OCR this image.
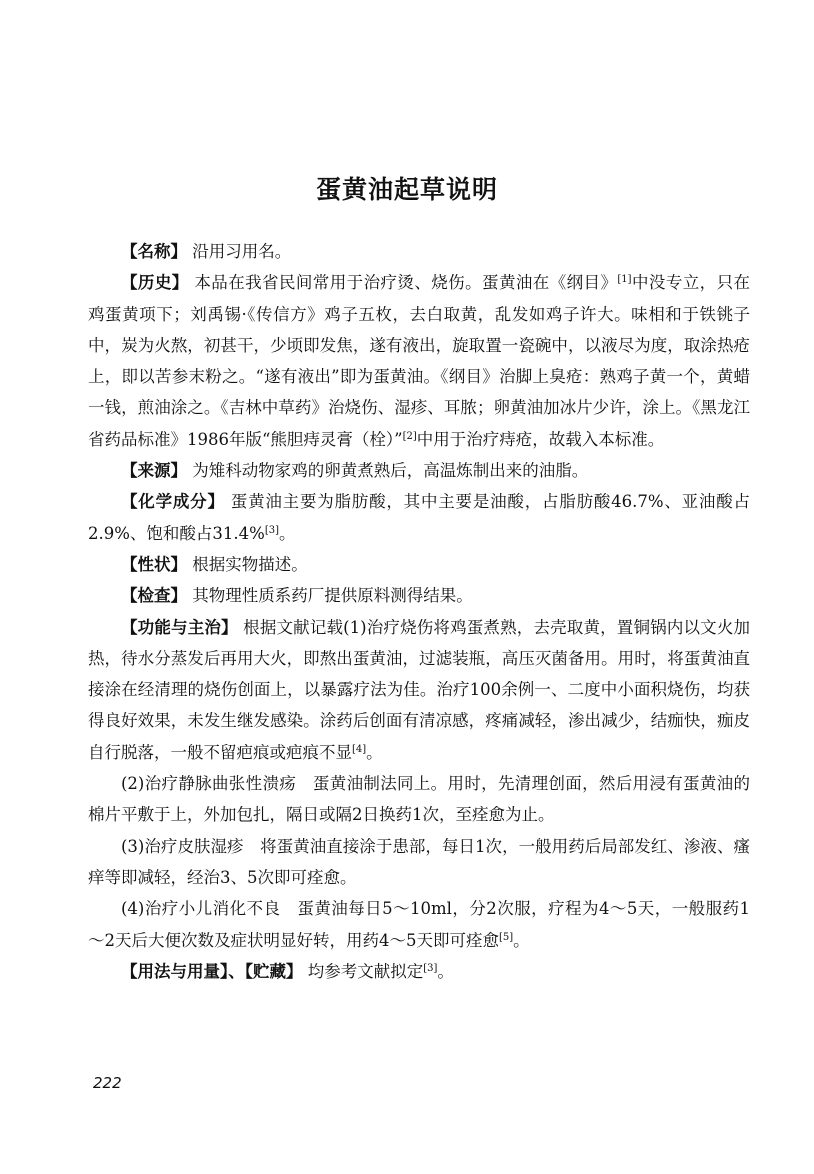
蛋黄油起草说明

【名称】 沿用习用名。

【历史】 本品在我省民间常用于治疗烫、烧伤。蛋黄油在《纲目》[1]中没专立，只在鸡蛋黄项下；刘禹锡·《传信方》鸡子五枚，去白取黄，乱发如鸡子许大。味相和于铁铫子中，炭为火熬，初甚干，少顷即发焦，遂有液出，旋取置一瓷碗中，以液尽为度，取涂热疮上，即以苦参末粉之。“遂有液出”即为蛋黄油。《纲目》治脚上臭疮：熟鸡子黄一个，黄蜡一钱，煎油涂之。《吉林中草药》治烧伤、湿疹、耳脓；卵黄油加冰片少许，涂上。《黑龙江省药品标准》1986年版“熊胆痔灵膏（栓）”[2]中用于治疗痔疮，故载入本标准。

【来源】 为雉科动物家鸡的卵黄煮熟后，高温炼制出来的油脂。

【化学成分】 蛋黄油主要为脂肪酸，其中主要是油酸，占脂肪酸46.7%、亚油酸占2.9%、饱和酸占31.4%[3]。

【性状】 根据实物描述。

【检查】 其物理性质系药厂提供原料测得结果。

【功能与主治】 根据文献记载(1)治疗烧伤将鸡蛋煮熟，去壳取黄，置铜锅内以文火加热，待水分蒸发后再用大火，即熬出蛋黄油，过滤装瓶，高压灭菌备用。用时，将蛋黄油直接涂在经清理的烧伤创面上，以暴露疗法为佳。治疗100余例一、二度中小面积烧伤，均获得良好效果，未发生继发感染。涂药后创面有清凉感，疼痛减轻，渗出减少，结痂快，痂皮自行脱落，一般不留疤痕或疤痕不显[4]。

(2)治疗静脉曲张性溃疡　蛋黄油制法同上。用时，先清理创面，然后用浸有蛋黄油的棉片平敷于上，外加包扎，隔日或隔2日换药1次，至痊愈为止。

(3)治疗皮肤湿疹　将蛋黄油直接涂于患部，每日1次，一般用药后局部发红、渗液、瘙痒等即减轻，经治3、5次即可痊愈。

(4)治疗小儿消化不良　蛋黄油每日5～10ml，分2次服，疗程为4～5天，一般服药1～2天后大便次数及症状明显好转，用药4～5天即可痊愈[5]。

【用法与用量】、【贮藏】 均参考文献拟定[3]。

222
